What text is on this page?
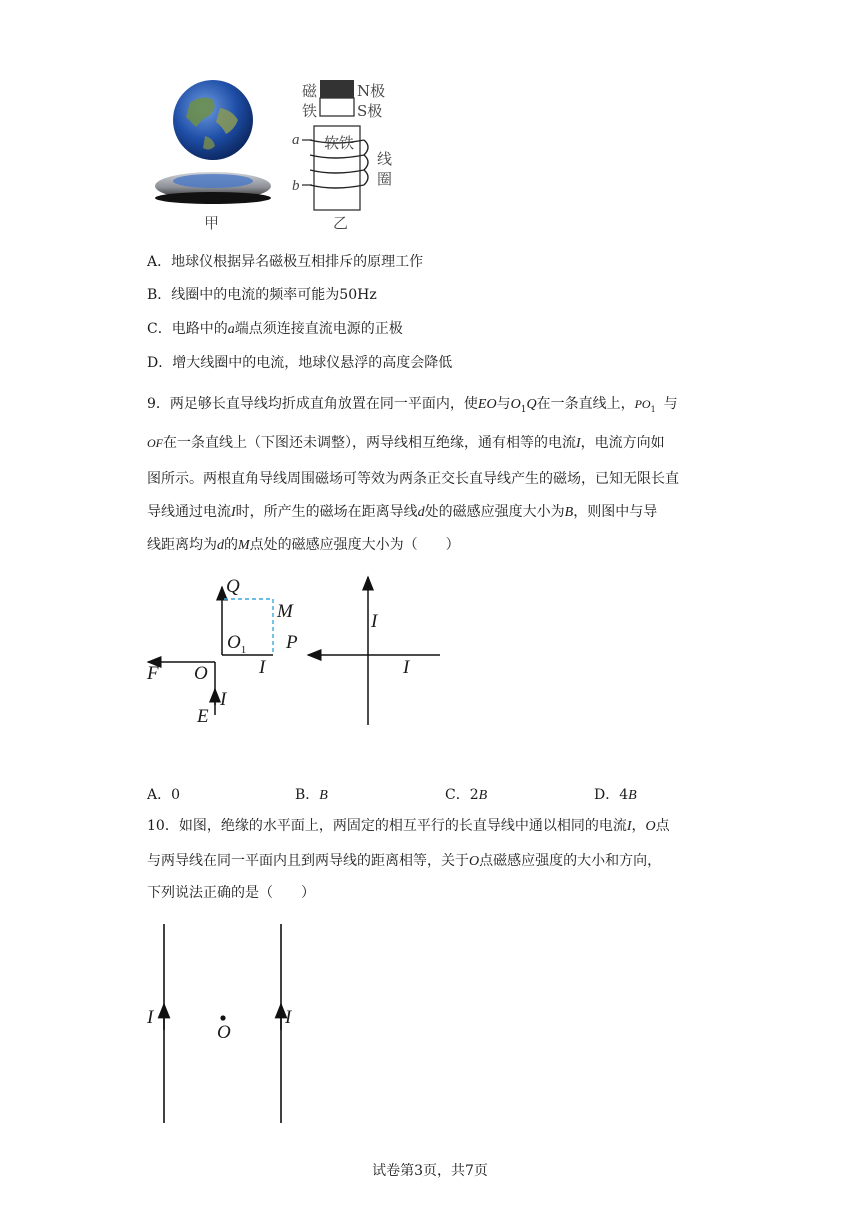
甲
磁
铁
N极
S极
软铁
线
圈
a
b
乙
A．地球仪根据异名磁极互相排斥的原理工作
B．线圈中的电流的频率可能为50Hz
C．电路中的a端点须连接直流电源的正极
D．增大线圈中的电流，地球仪悬浮的高度会降低
9．两足够长直导线均折成直角放置在同一平面内，使EO与$O_1Q$在一条直线上，$PO_1$ 与
OF在一条直线上（下图还未调整），两导线相互绝缘，通有相等的电流I，电流方向如
图所示。两根直角导线周围磁场可等效为两条正交长直导线产生的磁场，已知无限长直
导线通过电流I时，所产生的磁场在距离导线d处的磁感应强度大小为B，则图中与导
线距离均为d的M点处的磁感应强度大小为（　　）
Q
M
$O_1$ P
I
F O
I
E
I
I
A．0	B．B	C．2B	D．4B
10．如图，绝缘的水平面上，两固定的相互平行的长直导线中通以相同的电流I，O点
与两导线在同一平面内且到两导线的距离相等，关于O点磁感应强度的大小和方向，
下列说法正确的是（　　）
I
O
I
试卷第3页，共7页
